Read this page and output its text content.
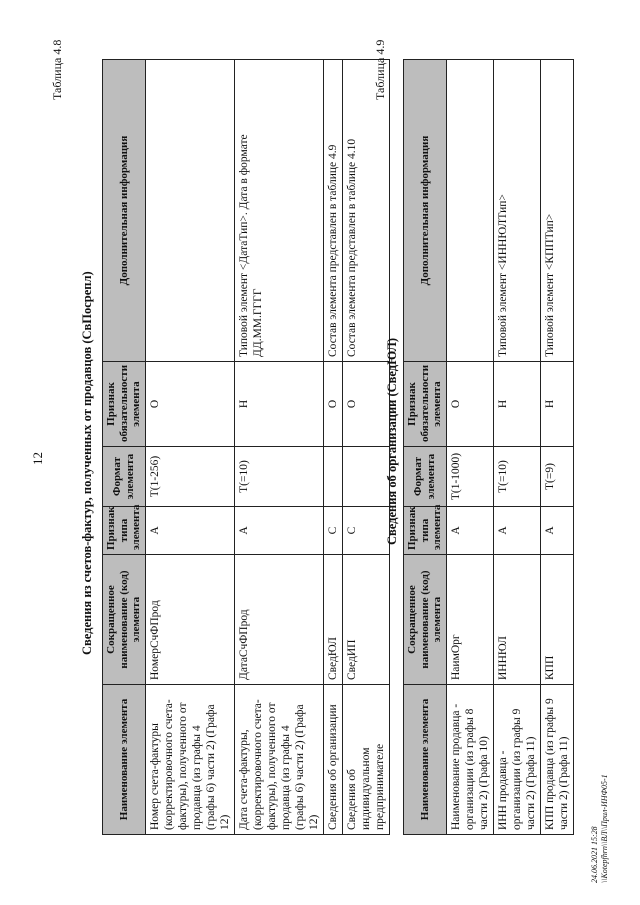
12
Таблица 4.8
Сведения из счетов-фактур, полученных от продавцов (СвПосрепл)
Наименование элемента	Сокращенное наименование (код) элемента	Признак типа элемента	Формат элемента	Признак обязательности элемента	Дополнительная информация
Номер счета-фактуры (корректировочного счета-фактуры), полученного от продавца (из графы 4 (графы 6) части 2) (Графа 12)	НомерСчФПрод	А	T(1-256)	О	
Дата счета-фактуры, (корректировочного счета-фактуры), полученного от продавца (из графы 4 (графы 6) части 2) (Графа 12)	ДатаСчФПрод	А	T(=10)	Н	Типовой элемент <ДатаТип>. Дата в формате ДД.ММ.ГГГГ
Сведения об организации	СведЮЛ	С		О	Состав элемента представлен в таблице 4.9
Сведения об индивидуальном предпринимателе	СведИП	С		О	Состав элемента представлен в таблице 4.10
Таблица 4.9
Сведения об организации (СведЮЛ)
Наименование элемента	Сокращенное наименование (код) элемента	Признак типа элемента	Формат элемента	Признак обязательности элемента	Дополнительная информация
Наименование продавца - организации (из графы 8 части 2) (Графа 10)	НаимОрг	А	T(1-1000)	О	
ИНН продавца - организации (из графы 9 части 2) (Графа 11)	ИННЮЛ	А	T(=10)	Н	Типовой элемент <ИННЮЛТип>
КПП продавца (из графы 9 части 2) (Графа 11)	КПП	А	T(=9)	Н	Типовой элемент <КППТип>
24.06.2021 15:28 \\Kotepfhrn\\ВЛ\\Прил-ИНФ05-1
